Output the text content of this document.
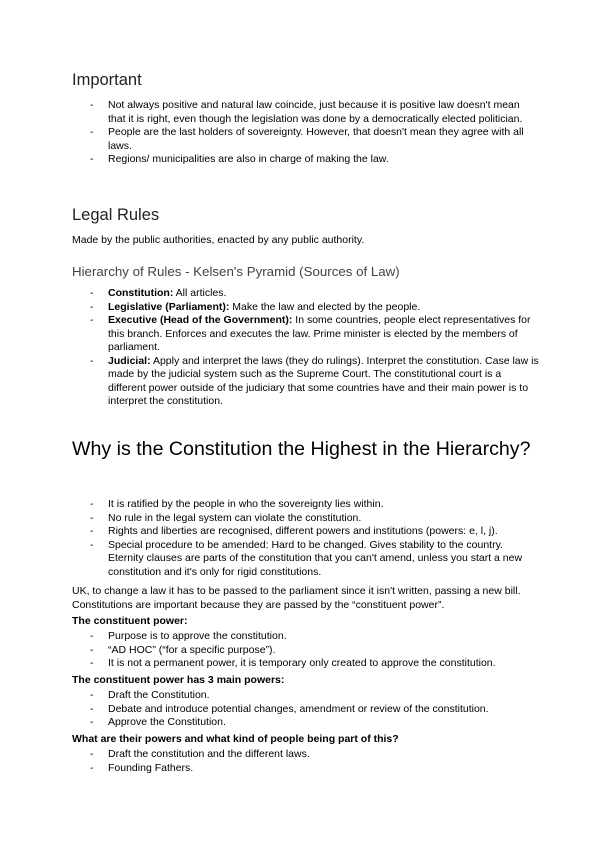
Important
- Not always positive and natural law coincide, just because it is positive law doesn't mean that it is right, even though the legislation was done by a democratically elected politician.
- People are the last holders of sovereignty. However, that doesn't mean they agree with all laws.
- Regions/ municipalities are also in charge of making the law.
Legal Rules
Made by the public authorities, enacted by any public authority.
Hierarchy of Rules - Kelsen's Pyramid (Sources of Law)
- Constitution: All articles.
- Legislative (Parliament): Make the law and elected by the people.
- Executive (Head of the Government): In some countries, people elect representatives for this branch. Enforces and executes the law. Prime minister is elected by the members of parliament.
- Judicial: Apply and interpret the laws (they do rulings). Interpret the constitution. Case law is made by the judicial system such as the Supreme Court. The constitutional court is a different power outside of the judiciary that some countries have and their main power is to interpret the constitution.
Why is the Constitution the Highest in the Hierarchy?
- It is ratified by the people in who the sovereignty lies within.
- No rule in the legal system can violate the constitution.
- Rights and liberties are recognised, different powers and institutions (powers: e, l, j).
- Special procedure to be amended: Hard to be changed. Gives stability to the country. Eternity clauses are parts of the constitution that you can't amend, unless you start a new constitution and it's only for rigid constitutions.
UK, to change a law it has to be passed to the parliament since it isn't written, passing a new bill. Constitutions are important because they are passed by the “constituent power”.
The constituent power:
- Purpose is to approve the constitution.
- “AD HOC” (“for a specific purpose”).
- It is not a permanent power, it is temporary only created to approve the constitution.
The constituent power has 3 main powers:
- Draft the Constitution.
- Debate and introduce potential changes, amendment or review of the constitution.
- Approve the Constitution.
What are their powers and what kind of people being part of this?
- Draft the constitution and the different laws.
- Founding Fathers.
